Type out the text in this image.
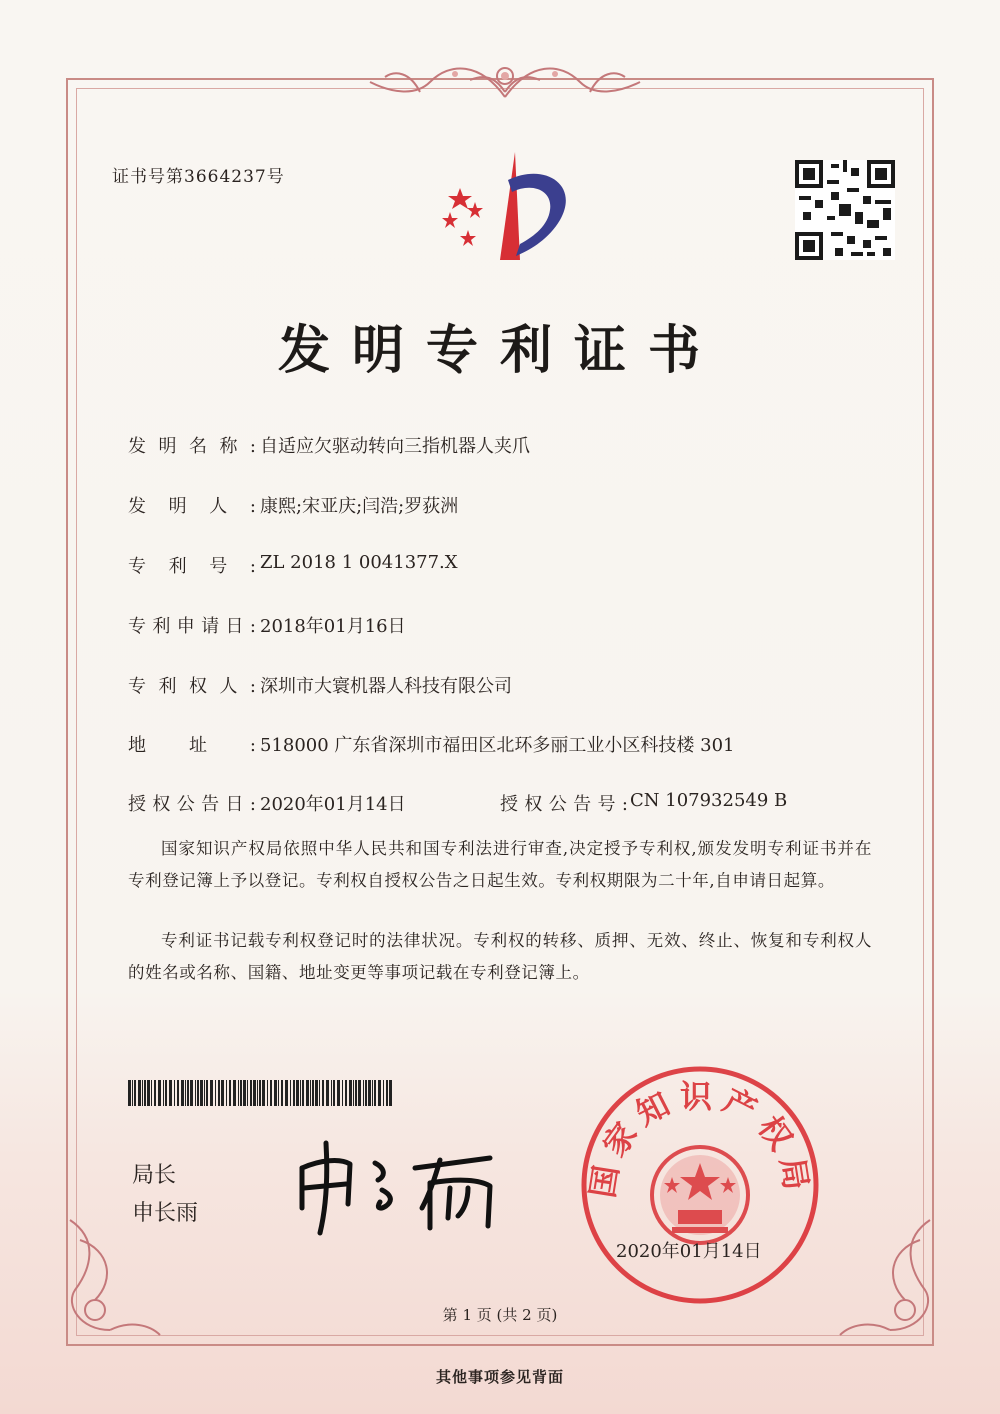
证书号第3664237号
发明专利证书
发明名称: 自适应欠驱动转向三指机器人夹爪
发明人: 康熙;宋亚庆;闫浩;罗荻洲
专利号: ZL 2018 1 0041377.X
专利申请日: 2018年01月16日
专利权人: 深圳市大寰机器人科技有限公司
地址: 518000 广东省深圳市福田区北环多丽工业小区科技楼 301
授权公告日: 2020年01月14日	授权公告号: CN 107932549 B

国家知识产权局依照中华人民共和国专利法进行审查,决定授予专利权,颁发发明专利证书并在专利登记簿上予以登记。专利权自授权公告之日起生效。专利权期限为二十年,自申请日起算。

专利证书记载专利权登记时的法律状况。专利权的转移、质押、无效、终止、恢复和专利权人的姓名或名称、国籍、地址变更等事项记载在专利登记簿上。

局长
申长雨
国家知识产权局
2020年01月14日
第 1 页 (共 2 页)
其他事项参见背面
